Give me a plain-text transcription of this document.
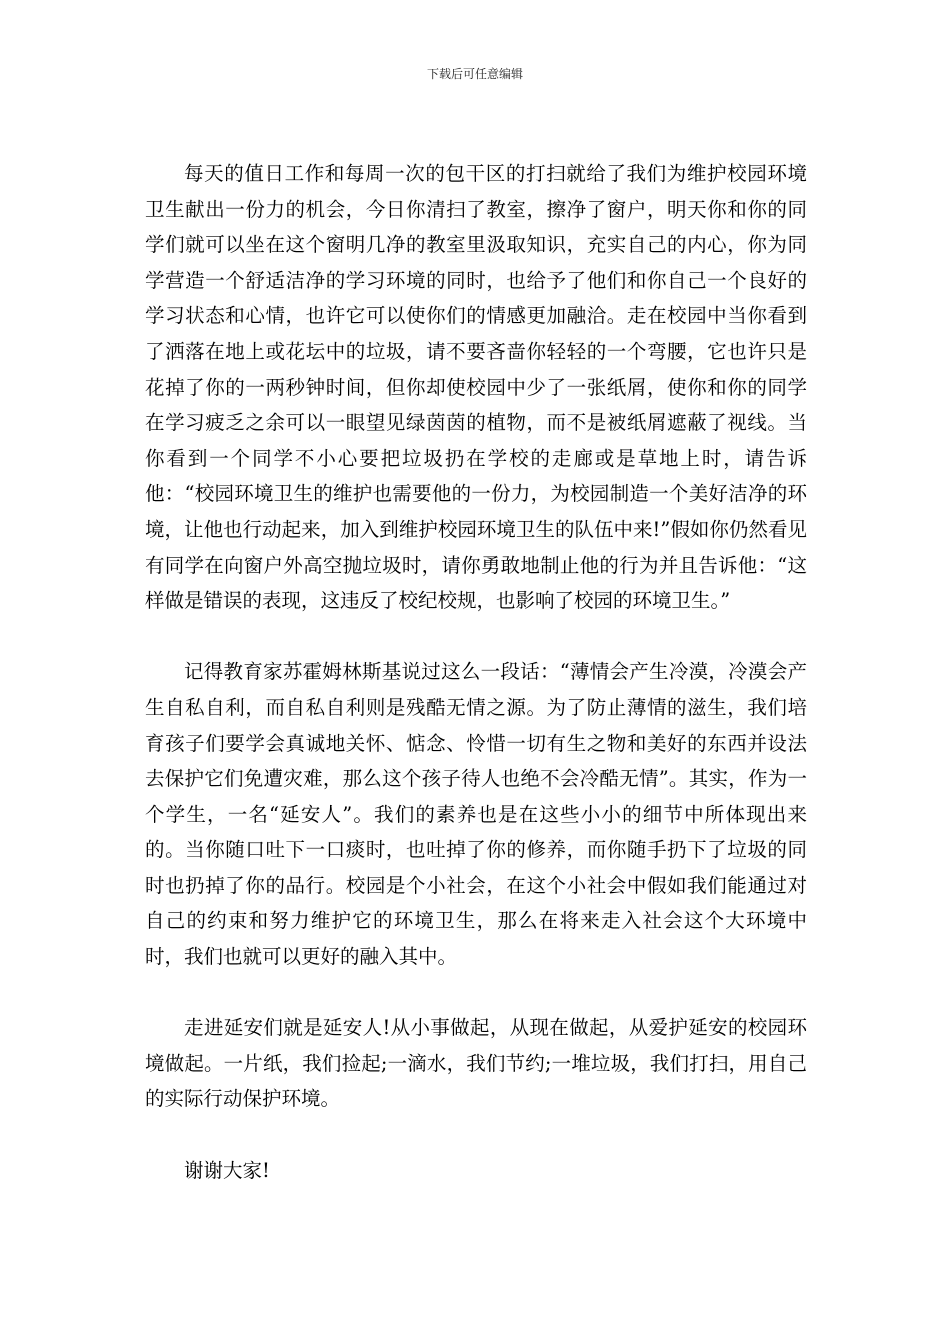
下载后可任意编辑

每天的值日工作和每周一次的包干区的打扫就给了我们为维护校园环境卫生献出一份力的机会，今日你清扫了教室，擦净了窗户，明天你和你的同学们就可以坐在这个窗明几净的教室里汲取知识，充实自己的内心，你为同学营造一个舒适洁净的学习环境的同时，也给予了他们和你自己一个良好的学习状态和心情，也许它可以使你们的情感更加融洽。走在校园中当你看到了洒落在地上或花坛中的垃圾，请不要吝啬你轻轻的一个弯腰，它也许只是花掉了你的一两秒钟时间，但你却使校园中少了一张纸屑，使你和你的同学在学习疲乏之余可以一眼望见绿茵茵的植物，而不是被纸屑遮蔽了视线。当你看到一个同学不小心要把垃圾扔在学校的走廊或是草地上时，请告诉他：“校园环境卫生的维护也需要他的一份力，为校园制造一个美好洁净的环境，让他也行动起来，加入到维护校园环境卫生的队伍中来!”假如你仍然看见有同学在向窗户外高空抛垃圾时，请你勇敢地制止他的行为并且告诉他：“这样做是错误的表现，这违反了校纪校规，也影响了校园的环境卫生。”

记得教育家苏霍姆林斯基说过这么一段话：“薄情会产生冷漠，冷漠会产生自私自利，而自私自利则是残酷无情之源。为了防止薄情的滋生，我们培育孩子们要学会真诚地关怀、惦念、怜惜一切有生之物和美好的东西并设法去保护它们免遭灾难，那么这个孩子待人也绝不会冷酷无情”。其实，作为一个学生，一名“延安人”。我们的素养也是在这些小小的细节中所体现出来的。当你随口吐下一口痰时，也吐掉了你的修养，而你随手扔下了垃圾的同时也扔掉了你的品行。校园是个小社会，在这个小社会中假如我们能通过对自己的约束和努力维护它的环境卫生，那么在将来走入社会这个大环境中时，我们也就可以更好的融入其中。

走进延安们就是延安人!从小事做起，从现在做起，从爱护延安的校园环境做起。一片纸，我们捡起;一滴水，我们节约;一堆垃圾，我们打扫，用自己的实际行动保护环境。

谢谢大家!
